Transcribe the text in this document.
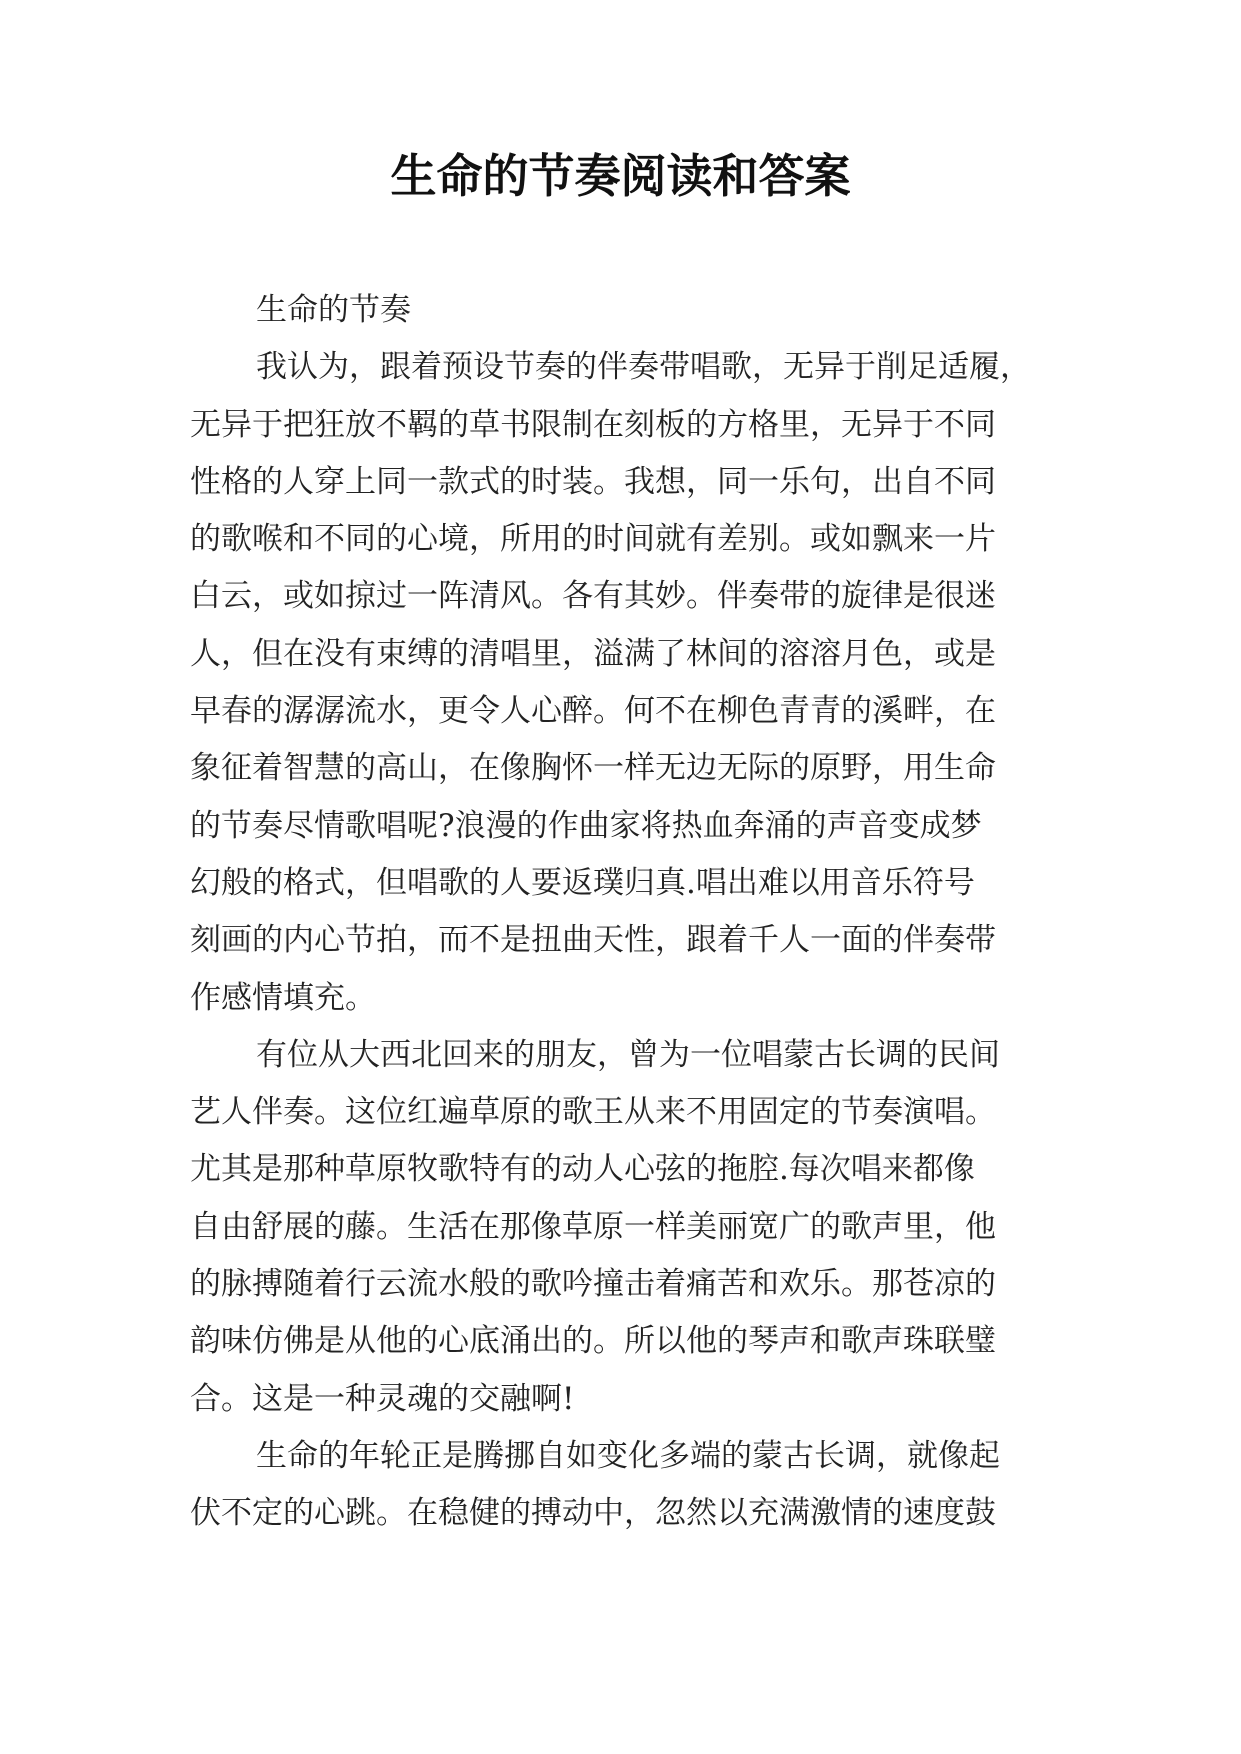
生命的节奏阅读和答案

生命的节奏

我认为，跟着预设节奏的伴奏带唱歌，无异于削足适履，
无异于把狂放不羁的草书限制在刻板的方格里，无异于不同
性格的人穿上同一款式的时装。我想，同一乐句，出自不同
的歌喉和不同的心境，所用的时间就有差别。或如飘来一片
白云，或如掠过一阵清风。各有其妙。伴奏带的旋律是很迷
人，但在没有束缚的清唱里，溢满了林间的溶溶月色，或是
早春的潺潺流水，更令人心醉。何不在柳色青青的溪畔，在
象征着智慧的高山，在像胸怀一样无边无际的原野，用生命
的节奏尽情歌唱呢?浪漫的作曲家将热血奔涌的声音变成梦
幻般的格式，但唱歌的人要返璞归真.唱出难以用音乐符号
刻画的内心节拍，而不是扭曲天性，跟着千人一面的伴奏带
作感情填充。

有位从大西北回来的朋友，曾为一位唱蒙古长调的民间
艺人伴奏。这位红遍草原的歌王从来不用固定的节奏演唱。
尤其是那种草原牧歌特有的动人心弦的拖腔.每次唱来都像
自由舒展的藤。生活在那像草原一样美丽宽广的歌声里，他
的脉搏随着行云流水般的歌吟撞击着痛苦和欢乐。那苍凉的
韵味仿佛是从他的心底涌出的。所以他的琴声和歌声珠联璧
合。这是一种灵魂的交融啊!

生命的年轮正是腾挪自如变化多端的蒙古长调，就像起
伏不定的心跳。在稳健的搏动中，忽然以充满激情的速度鼓
